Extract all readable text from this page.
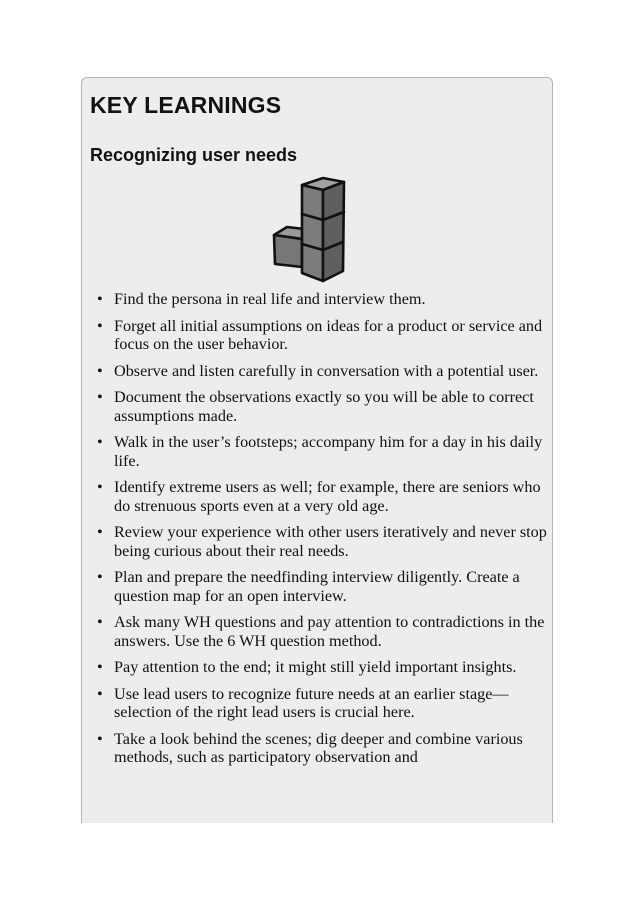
KEY LEARNINGS
Recognizing user needs
• Find the persona in real life and interview them.
• Forget all initial assumptions on ideas for a product or service and focus on the user behavior.
• Observe and listen carefully in conversation with a potential user.
• Document the observations exactly so you will be able to correct assumptions made.
• Walk in the user’s footsteps; accompany him for a day in his daily life.
• Identify extreme users as well; for example, there are seniors who do strenuous sports even at a very old age.
• Review your experience with other users iteratively and never stop being curious about their real needs.
• Plan and prepare the needfinding interview diligently. Create a question map for an open interview.
• Ask many WH questions and pay attention to contradictions in the answers. Use the 6 WH question method.
• Pay attention to the end; it might still yield important insights.
• Use lead users to recognize future needs at an earlier stage—selection of the right lead users is crucial here.
• Take a look behind the scenes; dig deeper and combine various methods, such as participatory observation and
